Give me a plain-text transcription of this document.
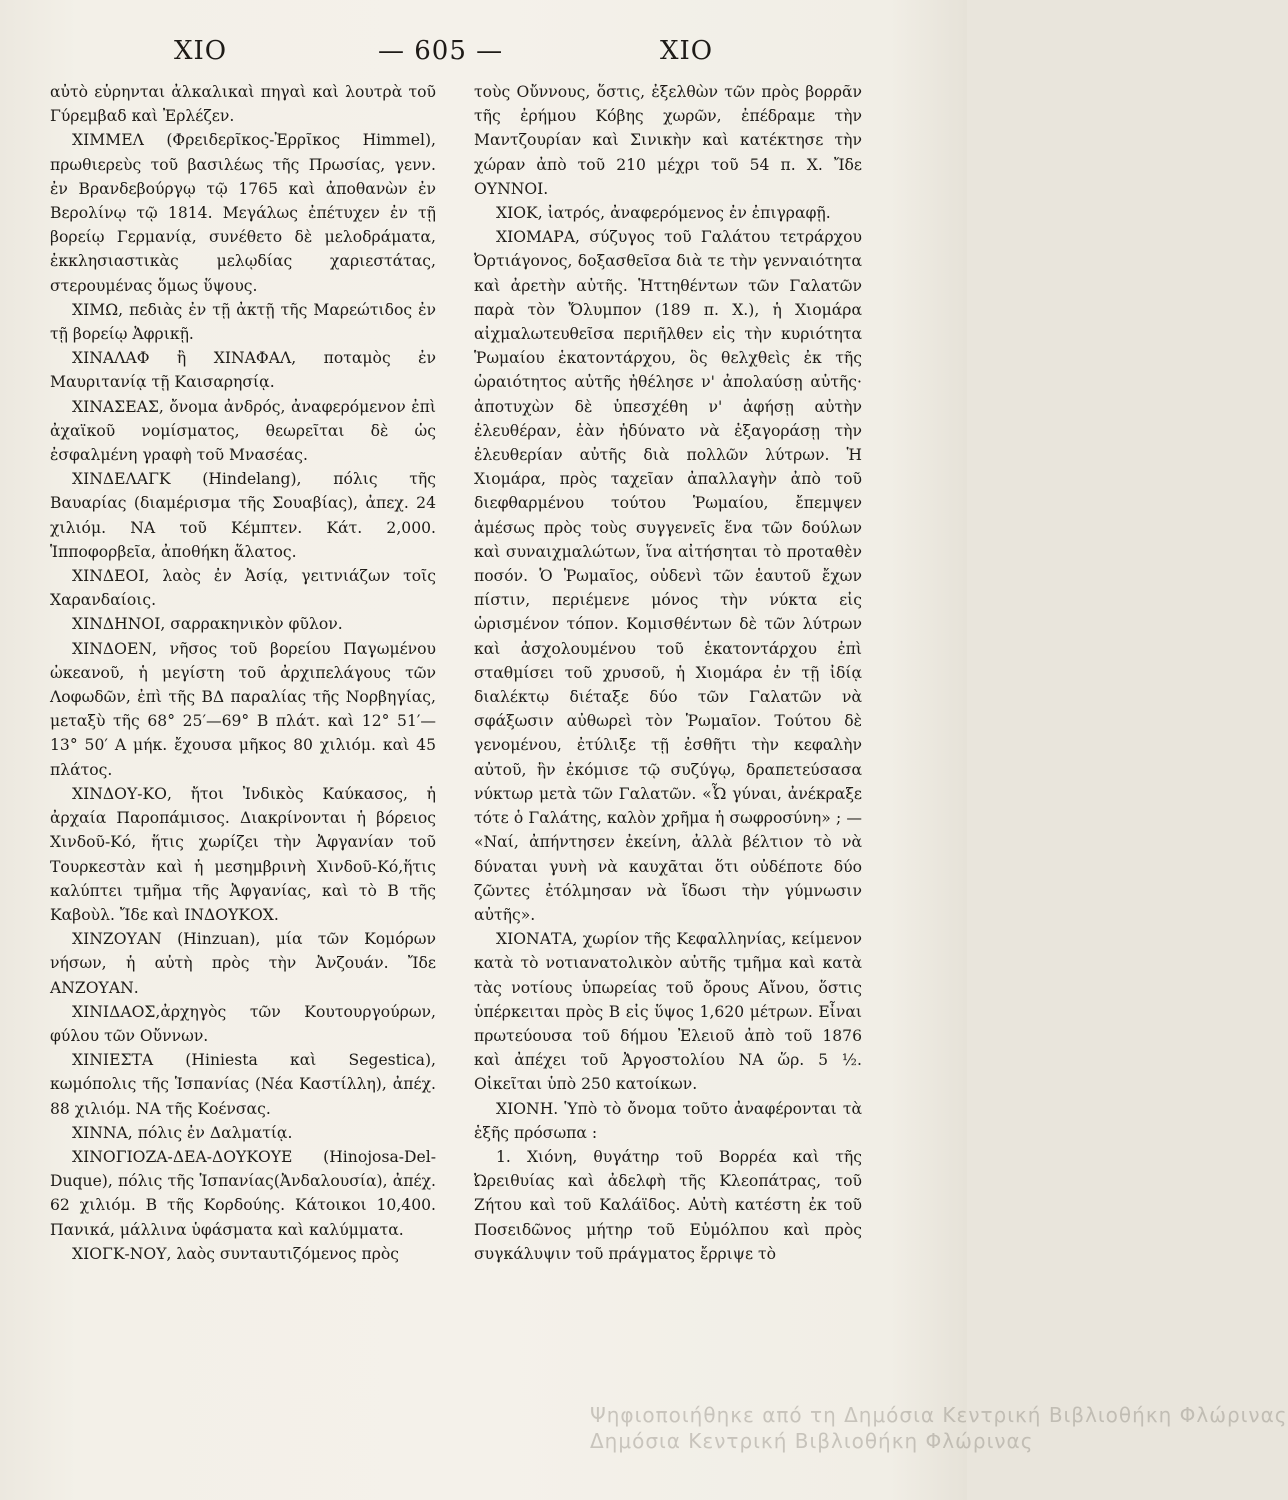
ΧΙΟ	— 605 —	ΧΙΟ

αὐτὸ εὑρηνται ἀλκαλικαὶ πηγαὶ καὶ λουτρὰ τοῦ Γύρεμβαδ καὶ Ἐρλέζεν.

ΧΙΜΜΕΛ (Φρειδερῖκος-Ἐρρῖκος Himmel), πρωθιερεὺς τοῦ βασιλέως τῆς Πρωσίας, γενν. ἐν Βρανδεβούργῳ τῷ 1765 καὶ ἀποθανὼν ἐν Βερολίνῳ τῷ 1814. Μεγάλως ἐπέτυχεν ἐν τῇ βορείῳ Γερμανίᾳ, συνέθετο δὲ μελοδράματα, ἐκκλησιαστικὰς μελῳδίας χαριεστάτας, στερουμένας ὅμως ὕψους.

ΧΙΜΩ, πεδιὰς ἐν τῇ ἀκτῇ τῆς Μαρεώτιδος ἐν τῇ βορείῳ Ἀφρικῇ.

ΧΙΝΑΛΑΦ ἢ ΧΙΝΑΦΑΛ, ποταμὸς ἐν Μαυριτανίᾳ τῇ Καισαρησίᾳ.

ΧΙΝΑΣΕΑΣ, ὄνομα ἀνδρός, ἀναφερόμενον ἐπὶ ἀχαϊκοῦ νομίσματος, θεωρεῖται δὲ ὡς ἐσφαλμένη γραφὴ τοῦ Μνασέας.

ΧΙΝΔΕΛΑΓΚ (Hindelang), πόλις τῆς Βαυαρίας (διαμέρισμα τῆς Σουαβίας), ἀπεχ. 24 χιλιόμ. ΝΑ τοῦ Κέμπτεν. Κάτ. 2,000. Ἱπποφορβεῖα, ἀποθήκη ἅλατος.

ΧΙΝΔΕΟΙ, λαὸς ἐν Ἀσίᾳ, γειτνιάζων τοῖς Χαρανδαίοις.

ΧΙΝΔΗΝΟΙ, σαρρακηνικὸν φῦλον.

ΧΙΝΔΟΕΝ, νῆσος τοῦ βορείου Παγωμένου ὠκεανοῦ, ἡ μεγίστη τοῦ ἀρχιπελάγους τῶν Λοφωδῶν, ἐπὶ τῆς ΒΔ παραλίας τῆς Νορβηγίας, μεταξὺ τῆς 68° 25′—69° Β πλάτ. καὶ 12° 51′—13° 50′ Α μήκ. ἔχουσα μῆκος 80 χιλιόμ. καὶ 45 πλάτος.

ΧΙΝΔΟΥ-ΚΟ, ἤτοι Ἰνδικὸς Καύκασος, ἡ ἀρχαία Παροπάμισος. Διακρίνονται ἡ βόρειος Χινδοῦ-Κό, ἥτις χωρίζει τὴν Ἀφγανίαν τοῦ Τουρκεστὰν καὶ ἡ μεσημβρινὴ Χινδοῦ-Κό,ἥτις καλύπτει τμῆμα τῆς Ἀφγανίας, καὶ τὸ Β τῆς Καβοὺλ. Ἴδε καὶ ΙΝΔΟΥΚΟΧ.

ΧΙΝΖΟΥΑΝ (Hinzuan), μία τῶν Κομόρων νήσων, ἡ αὐτὴ πρὸς τὴν Ἀνζουάν. Ἴδε ΑΝΖΟΥΑΝ.

ΧΙΝΙΔΑΟΣ,ἀρχηγὸς τῶν Κουτουργούρων, φύλου τῶν Οὔννων.

ΧΙΝΙΕΣΤΑ (Hiniesta καὶ Segestica), κωμόπολις τῆς Ἱσπανίας (Νέα Καστίλλη), ἀπέχ. 88 χιλιόμ. ΝΑ τῆς Κοένσας.

ΧΙΝΝΑ, πόλις ἐν Δαλματίᾳ.

ΧΙΝΟΓΙΟΖΑ-ΔΕΑ-ΔΟΥΚΟΥΕ (Hinojosa-Del-Duque), πόλις τῆς Ἱσπανίας(Ἀνδαλουσία), ἀπέχ. 62 χιλιόμ. Β τῆς Κορδούης. Κάτοικοι 10,400. Πανικά, μάλλινα ὑφάσματα καὶ καλύμματα.

ΧΙΟΓΚ-ΝΟΥ, λαὸς συνταυτιζόμενος πρὸς

τοὺς Οὔννους, ὅστις, ἐξελθὼν τῶν πρὸς βορρᾶν τῆς ἐρήμου Κόβης χωρῶν, ἐπέδραμε τὴν Μαντζουρίαν καὶ Σινικὴν καὶ κατέκτησε τὴν χώραν ἀπὸ τοῦ 210 μέχρι τοῦ 54 π. Χ. Ἴδε ΟΥΝΝΟΙ.

ΧΙΟΚ, ἰατρός, ἀναφερόμενος ἐν ἐπιγραφῇ.

ΧΙΟΜΑΡΑ, σύζυγος τοῦ Γαλάτου τετράρχου Ὀρτιάγονος, δοξασθεῖσα διὰ τε τὴν γενναιότητα καὶ ἀρετὴν αὐτῆς. Ἡττηθέντων τῶν Γαλατῶν παρὰ τὸν Ὄλυμπον (189 π. Χ.), ἡ Χιομάρα αἰχμαλωτευθεῖσα περιῆλθεν εἰς τὴν κυριότητα Ῥωμαίου ἑκατοντάρχου, ὃς θελχθεὶς ἐκ τῆς ὡραιότητος αὐτῆς ἠθέλησε ν' ἀπολαύσῃ αὐτῆς· ἀποτυχὼν δὲ ὑπεσχέθη ν' ἀφήσῃ αὐτὴν ἐλευθέραν, ἐὰν ἠδύνατο νὰ ἐξαγοράσῃ τὴν ἐλευθερίαν αὐτῆς διὰ πολλῶν λύτρων. Ἡ Χιομάρα, πρὸς ταχεῖαν ἀπαλλαγὴν ἀπὸ τοῦ διεφθαρμένου τούτου Ῥωμαίου, ἔπεμψεν ἀμέσως πρὸς τοὺς συγγενεῖς ἕνα τῶν δούλων καὶ συναιχμαλώτων, ἵνα αἰτήσηται τὸ προταθὲν ποσόν. Ὁ Ῥωμαῖος, οὐδενὶ τῶν ἑαυτοῦ ἔχων πίστιν, περιέμενε μόνος τὴν νύκτα εἰς ὡρισμένον τόπον. Κομισθέντων δὲ τῶν λύτρων καὶ ἀσχολουμένου τοῦ ἑκατοντάρχου ἐπὶ σταθμίσει τοῦ χρυσοῦ, ἡ Χιομάρα ἐν τῇ ἰδίᾳ διαλέκτῳ διέταξε δύο τῶν Γαλατῶν νὰ σφάξωσιν αὐθωρεὶ τὸν Ῥωμαῖον. Τούτου δὲ γενομένου, ἐτύλιξε τῇ ἐσθῆτι τὴν κεφαλὴν αὐτοῦ, ἣν ἐκόμισε τῷ συζύγῳ, δραπετεύσασα νύκτωρ μετὰ τῶν Γαλατῶν. «Ὦ γύναι, ἀνέκραξε τότε ὁ Γαλάτης, καλὸν χρῆμα ἡ σωφροσύνη» ; — «Ναί, ἀπήντησεν ἐκείνη, ἀλλὰ βέλτιον τὸ νὰ δύναται γυνὴ νὰ καυχᾶται ὅτι οὐδέποτε δύο ζῶντες ἐτόλμησαν νὰ ἴδωσι τὴν γύμνωσιν αὐτῆς».

ΧΙΟΝΑΤΑ, χωρίον τῆς Κεφαλληνίας, κείμενον κατὰ τὸ νοτιανατολικὸν αὐτῆς τμῆμα καὶ κατὰ τὰς νοτίους ὑπωρείας τοῦ ὄρους Αἴνου, ὅστις ὑπέρκειται πρὸς Β εἰς ὕψος 1,620 μέτρων. Εἶναι πρωτεύουσα τοῦ δήμου Ἐλειοῦ ἀπὸ τοῦ 1876 καὶ ἀπέχει τοῦ Ἀργοστολίου ΝΑ ὥρ. 5 ½. Οἰκεῖται ὑπὸ 250 κατοίκων.

ΧΙΟΝΗ. Ὑπὸ τὸ ὄνομα τοῦτο ἀναφέρονται τὰ ἑξῆς πρόσωπα :

1. Χιόνη, θυγάτηρ τοῦ Βορρέα καὶ τῆς Ὠρειθυίας καὶ ἀδελφὴ τῆς Κλεοπάτρας, τοῦ Ζήτου καὶ τοῦ Καλάϊδος. Αὐτὴ κατέστη ἐκ τοῦ Ποσειδῶνος μήτηρ τοῦ Εὐμόλπου καὶ πρὸς συγκάλυψιν τοῦ πράγματος ἔρριψε τὸ

Ψηφιοποιήθηκε από τη Δημόσια Κεντρική Βιβλιοθήκη Φλώρινας
Δημόσια Κεντρική Βιβλιοθήκη Φλώρινας
